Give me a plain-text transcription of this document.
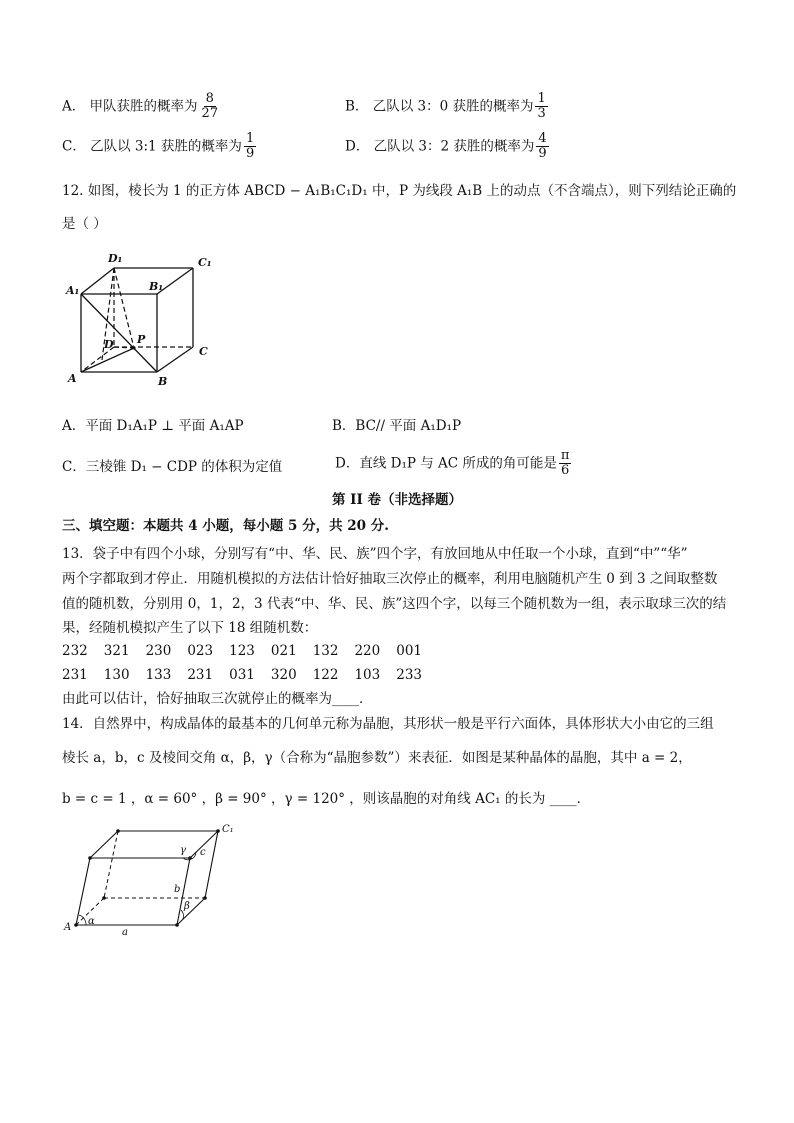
A． 甲队获胜的概率为 $\frac{8}{27}$	B． 乙队以 3：0 获胜的概率为 $\frac{1}{3}$
C． 乙队以 3:1 获胜的概率为 $\frac{1}{9}$	D． 乙队以 3：2 获胜的概率为 $\frac{4}{9}$
12. 如图，棱长为 1 的正方体 ABCD − A₁B₁C₁D₁ 中，P 为线段 A₁B 上的动点（不含端点），则下列结论正确的
是（ ）
D₁	C₁
A₁	B₁
D P
C
A	B
A．平面 D₁A₁P ⊥ 平面 A₁AP	B．BC// 平面 A₁D₁P
C．三棱锥 D₁ − CDP 的体积为定值	D．直线 D₁P 与 AC 所成的角可能是 $\frac{\pi}{6}$
第 II 卷（非选择题）
三、填空题：本题共 4 小题，每小题 5 分，共 20 分.
13．袋子中有四个小球，分别写有“中、华、民、族”四个字，有放回地从中任取一个小球，直到“中”“华”
两个字都取到才停止．用随机模拟的方法估计恰好抽取三次停止的概率，利用电脑随机产生 0 到 3 之间取整数
值的随机数，分别用 0，1，2，3 代表“中、华、民、族”这四个字，以每三个随机数为一组，表示取球三次的结
果，经随机模拟产生了以下 18 组随机数：
232 321 230 023 123 021 132 220 001
231 130 133 231 031 320 122 103 233
由此可以估计，恰好抽取三次就停止的概率为____．
14．自然界中，构成晶体的最基本的几何单元称为晶胞，其形状一般是平行六面体，具体形状大小由它的三组
棱长 a，b，c 及棱间交角 α，β，γ（合称为“晶胞参数”）来表征．如图是某种晶体的晶胞，其中 a = 2，
b = c = 1 ，α = 60° ，β = 90° ，γ = 120° ，则该晶胞的对角线 AC₁ 的长为 ____．
C₁
γ c
b
β
A
α
a
